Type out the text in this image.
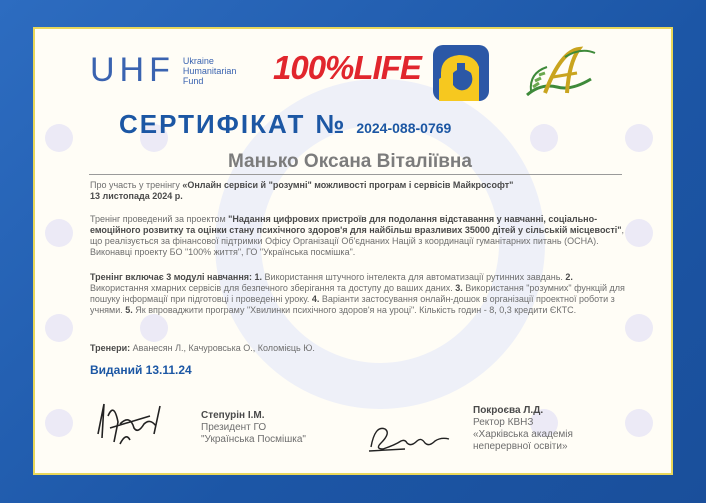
UHF Ukraine
Humanitarian
Fund	100%LIFE
СЕРТИФІКАТ № 2024-088-0769
Манько Оксана Віталіївна
Про участь у тренінгу «Онлайн сервіси й "розумні" можливості програм і сервісів Майкрософт"
13 листопада 2024 р.
Тренінг проведений за проектом "Надання цифрових пристроїв для подолання відставання у навчанні, соціально- емоційного розвитку та оцінки стану психічного здоров'я для найбільш вразливих 35000 дітей у сільській місцевості", що реалізується за фінансової підтримки Офісу Організації Об'єднаних Націй з координації гуманітарних питань (OCHA). Виконавці проекту БО "100% життя", ГО "Українська посмішка".
Тренінг включає 3 модулі навчання: 1. Використання штучного інтелекта для автоматизації рутинних завдань. 2. Використання хмарних сервісів для безпечного зберігання та доступу до ваших даних. 3. Використання "розумних" функцій для пошуку інформації при підготовці і проведенні уроку. 4. Варіанти застосування онлайн-дошок в організації проектної роботи з учнями. 5. Як впроваджити програму "Хвилинки психічного здоров'я на уроці". Кількість годин - 8, 0,3 кредити ЄКТС.
Тренери: Аванесян Л., Качуровська О., Коломієць Ю.
Виданий 13.11.24
Степурін І.М.
Президент ГО
"Українська Посмішка"
Покроєва Л.Д.
Ректор КВНЗ
«Харківська академія
неперервної освіти»
